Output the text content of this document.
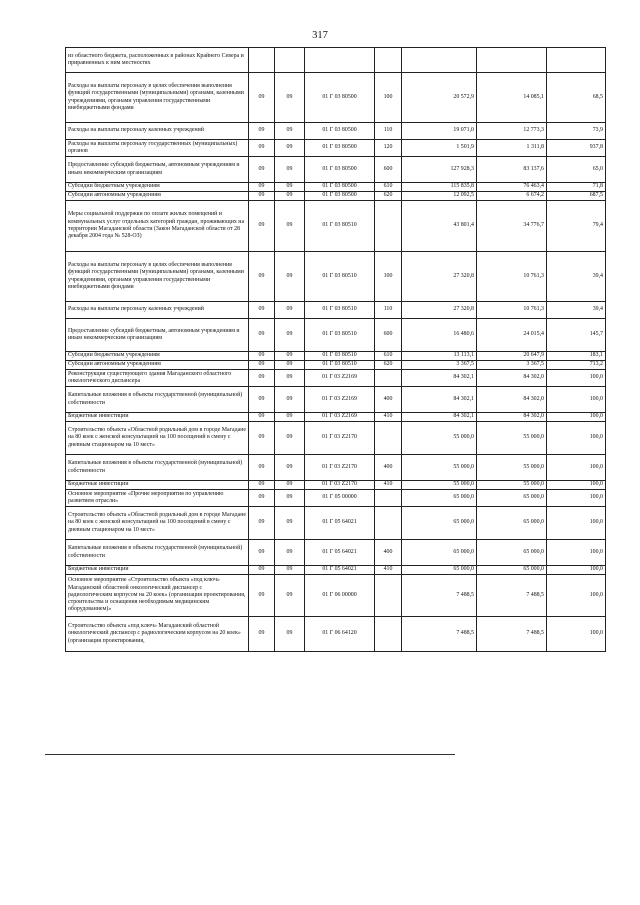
317
из областного бюджета, расположенных в районах Крайнего Севера и приравненных к ним местностях							
Расходы на выплаты персоналу в целях обеспечения выполнения функций государственными (муниципальными) органами, казенными учреждениями, органами управления государственными внебюджетными фондами	09	09	01 Г 03 80500	100	20 572,9	14 085,1	68,5
Расходы на выплаты персоналу казенных учреждений	09	09	01 Г 03 80500	110	19 071,0	12 773,3	73,9
Расходы на выплаты персоналу государственных (муниципальных) органов	09	09	01 Г 03 80500	120	1 501,9	1 311,8	937,8
Предоставление субсидий бюджетным, автономным учреждениям и иным некоммерческим организациям	09	09	01 Г 03 80500	600	127 928,3	83 137,6	65,0
Субсидии бюджетным учреждениям	09	09	01 Г 03 80500	610	115 835,8	76 463,4	71,8
Субсидии автономным учреждениям	09	09	01 Г 03 80500	620	12 092,5	6 674,2	687,5
Меры социальной поддержки по оплате жилых помещений и коммунальных услуг отдельных категорий граждан, проживающих на территории Магаданской области (Закон Магаданской области от 28 декабря 2004 года № 528-ОЗ)	09	09	01 Г 03 80510		43 801,4	34 776,7	79,4
Расходы на выплаты персоналу в целях обеспечения выполнения функций государственными (муниципальными) органами, казенными учреждениями, органами управления государственными внебюджетными фондами	09	09	01 Г 03 80510	100	27 320,8	10 761,3	39,4
Расходы на выплаты персоналу казенных учреждений	09	09	01 Г 03 80510	110	27 320,8	10 761,3	39,4
Предоставление субсидий бюджетным, автономным учреждениям и иным некоммерческим организациям	09	09	01 Г 03 80510	600	16 480,6	24 015,4	145,7
Субсидии бюджетным учреждениям	09	09	01 Г 03 80510	610	13 113,1	20 647,9	183,1
Субсидии автономным учреждениям	09	09	01 Г 03 80510	620	3 367,5	3 367,5	713,2
Реконструкция существующего здания Магаданского областного онкологического диспансера	09	09	01 Г 03 Z2169		84 302,1	84 302,0	100,0
Капитальные вложения в объекты государственной (муниципальной) собственности	09	09	01 Г 03 Z2169	400	84 302,1	84 302,0	100,0
Бюджетные инвестиции	09	09	01 Г 03 Z2169	410	84 302,1	84 302,0	100,0
Строительство объекта «Областной родильный дом в городе Магадане на 80 коек с женской консультацией на 100 посещений в смену с дневным стационаром на 10 мест»	09	09	01 Г 03 Z2170		55 000,0	55 000,0	100,0
Капитальные вложения в объекты государственной (муниципальной) собственности	09	09	01 Г 03 Z2170	400	55 000,0	55 000,0	100,0
Бюджетные инвестиции	09	09	01 Г 03 Z2170	410	55 000,0	55 000,0	100,0
Основное мероприятие «Прочие мероприятия по управлению развитием отрасли»	09	09	01 Г 05 00000		65 000,0	65 000,0	100,0
Строительство объекта «Областной родильный дом в городе Магадане на 80 коек с женской консультацией на 100 посещений в смену с дневным стационаром на 10 мест»	09	09	01 Г 05 64021		65 000,0	65 000,0	100,0
Капитальные вложения в объекты государственной (муниципальной) собственности	09	09	01 Г 05 64021	400	65 000,0	65 000,0	100,0
Бюджетные инвестиции	09	09	01 Г 05 64021	410	65 000,0	65 000,0	100,0
Основное мероприятие «Строительство объекта «под ключ» Магаданский областной онкологический диспансер с радиологическим корпусом на 20 коек» (организация проектирования, строительства и оснащения необходимым медицинским оборудованием)»	09	09	01 Г 06 00000		7 488,5	7 488,5	100,0
Строительство объекта «под ключ» Магаданский областной онкологический диспансер с радиологическим корпусом на 20 коек» (организация проектирования,	09	09	01 Г 06 64120		7 488,5	7 488,5	100,0
